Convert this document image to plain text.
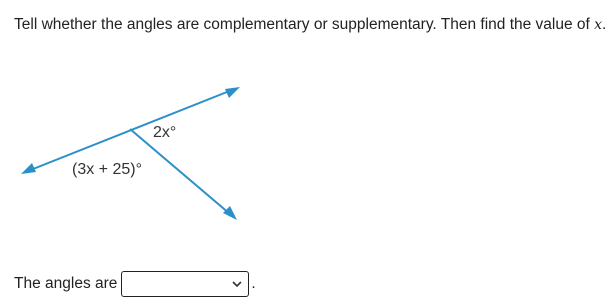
Tell whether the angles are complementary or supplementary. Then find the value of x.
2x°
(3x + 25)°
The angles are	.
